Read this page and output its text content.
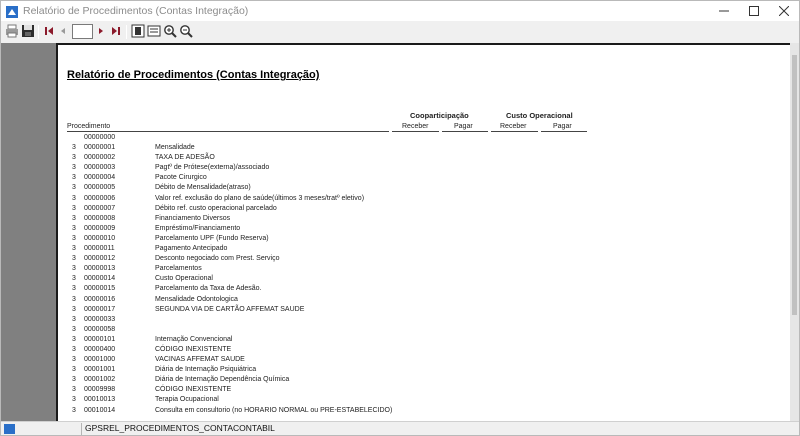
Relatório de Procedimentos (Contas Integração)
Relatório de Procedimentos (Contas Integração)
Cooparticipação	Custo Operacional
Procedimento	Receber	Pagar	Receber	Pagar
00000000
3 00000001	Mensalidade
3 00000002	TAXA DE ADESÃO
3 00000003	Pagtº de Prótese(externa)/associado
3 00000004	Pacote Cirurgico
3 00000005	Débito de Mensalidade(atraso)
3 00000006	Valor ref. exclusão do plano de saúde(últimos 3 meses/tratº eletivo)
3 00000007	Débito ref. custo operacional parcelado
3 00000008	Financiamento Diversos
3 00000009	Empréstimo/Financiamento
3 00000010	Parcelamento UPF (Fundo Reserva)
3 00000011	Pagamento Antecipado
3 00000012	Desconto negociado com Prest. Serviço
3 00000013	Parcelamentos
3 00000014	Custo Operacional
3 00000015	Parcelamento da Taxa de Adesão.
3 00000016	Mensalidade Odontologica
3 00000017	SEGUNDA VIA DE CARTÃO AFFEMAT SAUDE
3 00000033
3 00000058
3 00000101	Internação Convencional
3 00000400	CÓDIGO INEXISTENTE
3 00001000	VACINAS AFFEMAT SAUDE
3 00001001	Diária de Internação Psiquiátrica
3 00001002	Diária de Internação Dependência Química
3 00009998	CÓDIGO INEXISTENTE
3 00010013	Terapia Ocupacional
3 00010014	Consulta em consultorio (no HORARIO NORMAL ou PRE-ESTABELECIDO)
GPSREL_PROCEDIMENTOS_CONTACONTABIL
